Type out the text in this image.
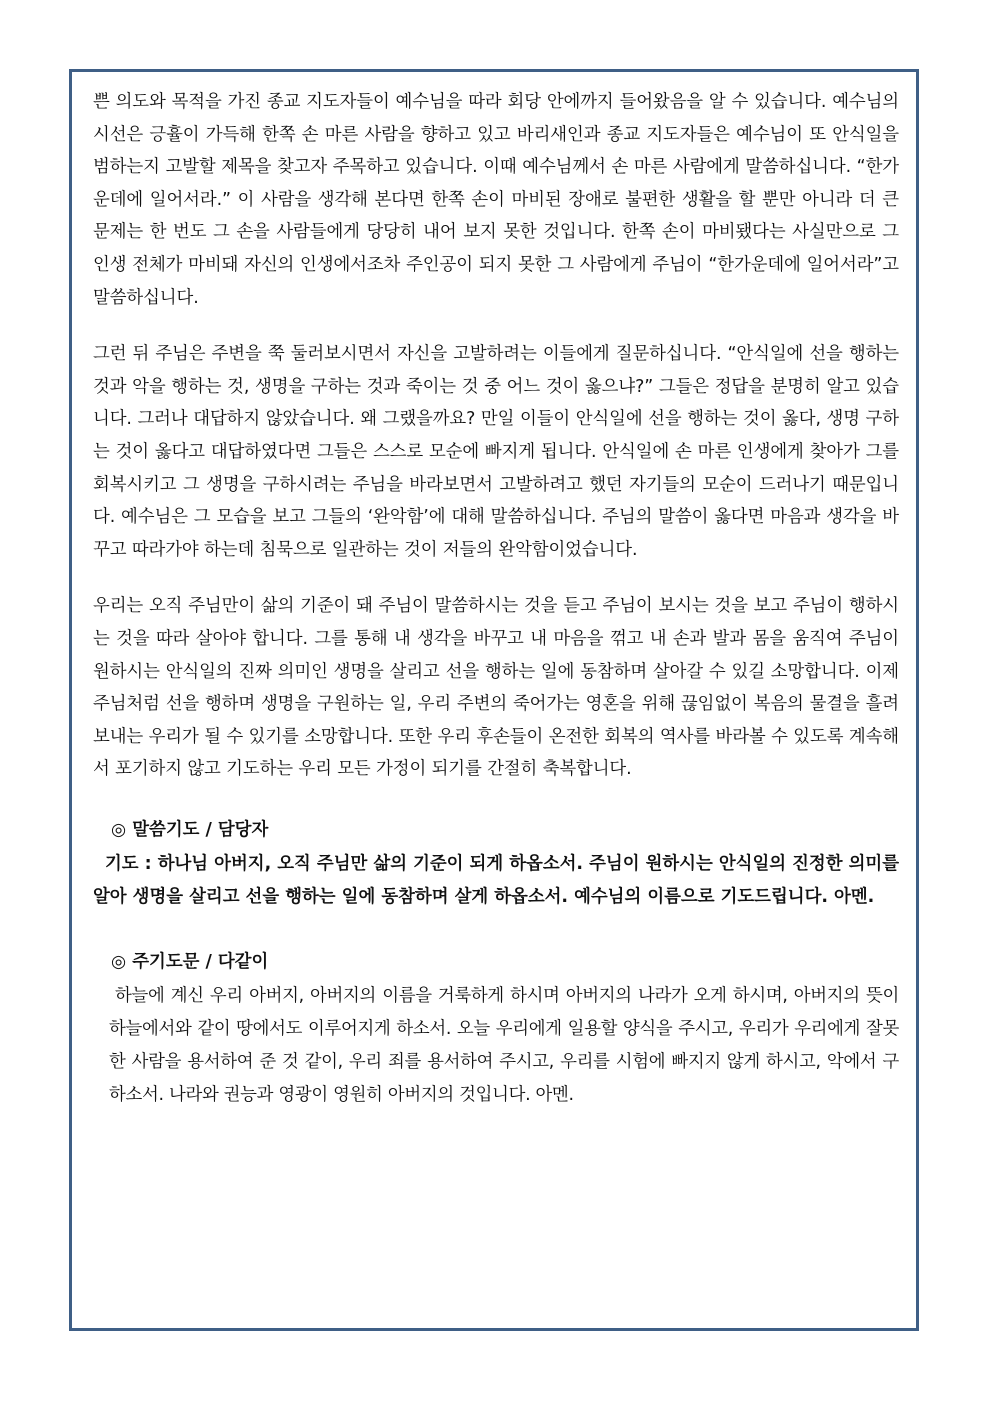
쁜 의도와 목적을 가진 종교 지도자들이 예수님을 따라 회당 안에까지 들어왔음을 알 수 있습니다. 예수님의 시선은 긍휼이 가득해 한쪽 손 마른 사람을 향하고 있고 바리새인과 종교 지도자들은 예수님이 또 안식일을 범하는지 고발할 제목을 찾고자 주목하고 있습니다. 이때 예수님께서 손 마른 사람에게 말씀하십니다. “한가운데에 일어서라.” 이 사람을 생각해 본다면 한쪽 손이 마비된 장애로 불편한 생활을 할 뿐만 아니라 더 큰 문제는 한 번도 그 손을 사람들에게 당당히 내어 보지 못한 것입니다. 한쪽 손이 마비됐다는 사실만으로 그 인생 전체가 마비돼 자신의 인생에서조차 주인공이 되지 못한 그 사람에게 주님이 “한가운데에 일어서라”고 말씀하십니다.

그런 뒤 주님은 주변을 쭉 둘러보시면서 자신을 고발하려는 이들에게 질문하십니다. “안식일에 선을 행하는 것과 악을 행하는 것, 생명을 구하는 것과 죽이는 것 중 어느 것이 옳으냐?” 그들은 정답을 분명히 알고 있습니다. 그러나 대답하지 않았습니다. 왜 그랬을까요? 만일 이들이 안식일에 선을 행하는 것이 옳다, 생명 구하는 것이 옳다고 대답하였다면 그들은 스스로 모순에 빠지게 됩니다. 안식일에 손 마른 인생에게 찾아가 그를 회복시키고 그 생명을 구하시려는 주님을 바라보면서 고발하려고 했던 자기들의 모순이 드러나기 때문입니다. 예수님은 그 모습을 보고 그들의 ‘완악함’에 대해 말씀하십니다. 주님의 말씀이 옳다면 마음과 생각을 바꾸고 따라가야 하는데 침묵으로 일관하는 것이 저들의 완악함이었습니다.

우리는 오직 주님만이 삶의 기준이 돼 주님이 말씀하시는 것을 듣고 주님이 보시는 것을 보고 주님이 행하시는 것을 따라 살아야 합니다. 그를 통해 내 생각을 바꾸고 내 마음을 꺾고 내 손과 발과 몸을 움직여 주님이 원하시는 안식일의 진짜 의미인 생명을 살리고 선을 행하는 일에 동참하며 살아갈 수 있길 소망합니다. 이제 주님처럼 선을 행하며 생명을 구원하는 일, 우리 주변의 죽어가는 영혼을 위해 끊임없이 복음의 물결을 흘려보내는 우리가 될 수 있기를 소망합니다. 또한 우리 후손들이 온전한 회복의 역사를 바라볼 수 있도록 계속해서 포기하지 않고 기도하는 우리 모든 가정이 되기를 간절히 축복합니다.

◎ 말씀기도 / 담당자

기도 : 하나님 아버지, 오직 주님만 삶의 기준이 되게 하옵소서. 주님이 원하시는 안식일의 진정한 의미를 알아 생명을 살리고 선을 행하는 일에 동참하며 살게 하옵소서. 예수님의 이름으로 기도드립니다. 아멘.

◎ 주기도문 / 다같이

하늘에 계신 우리 아버지, 아버지의 이름을 거룩하게 하시며 아버지의 나라가 오게 하시며, 아버지의 뜻이 하늘에서와 같이 땅에서도 이루어지게 하소서. 오늘 우리에게 일용할 양식을 주시고, 우리가 우리에게 잘못한 사람을 용서하여 준 것 같이, 우리 죄를 용서하여 주시고, 우리를 시험에 빠지지 않게 하시고, 악에서 구하소서. 나라와 권능과 영광이 영원히 아버지의 것입니다. 아멘.
